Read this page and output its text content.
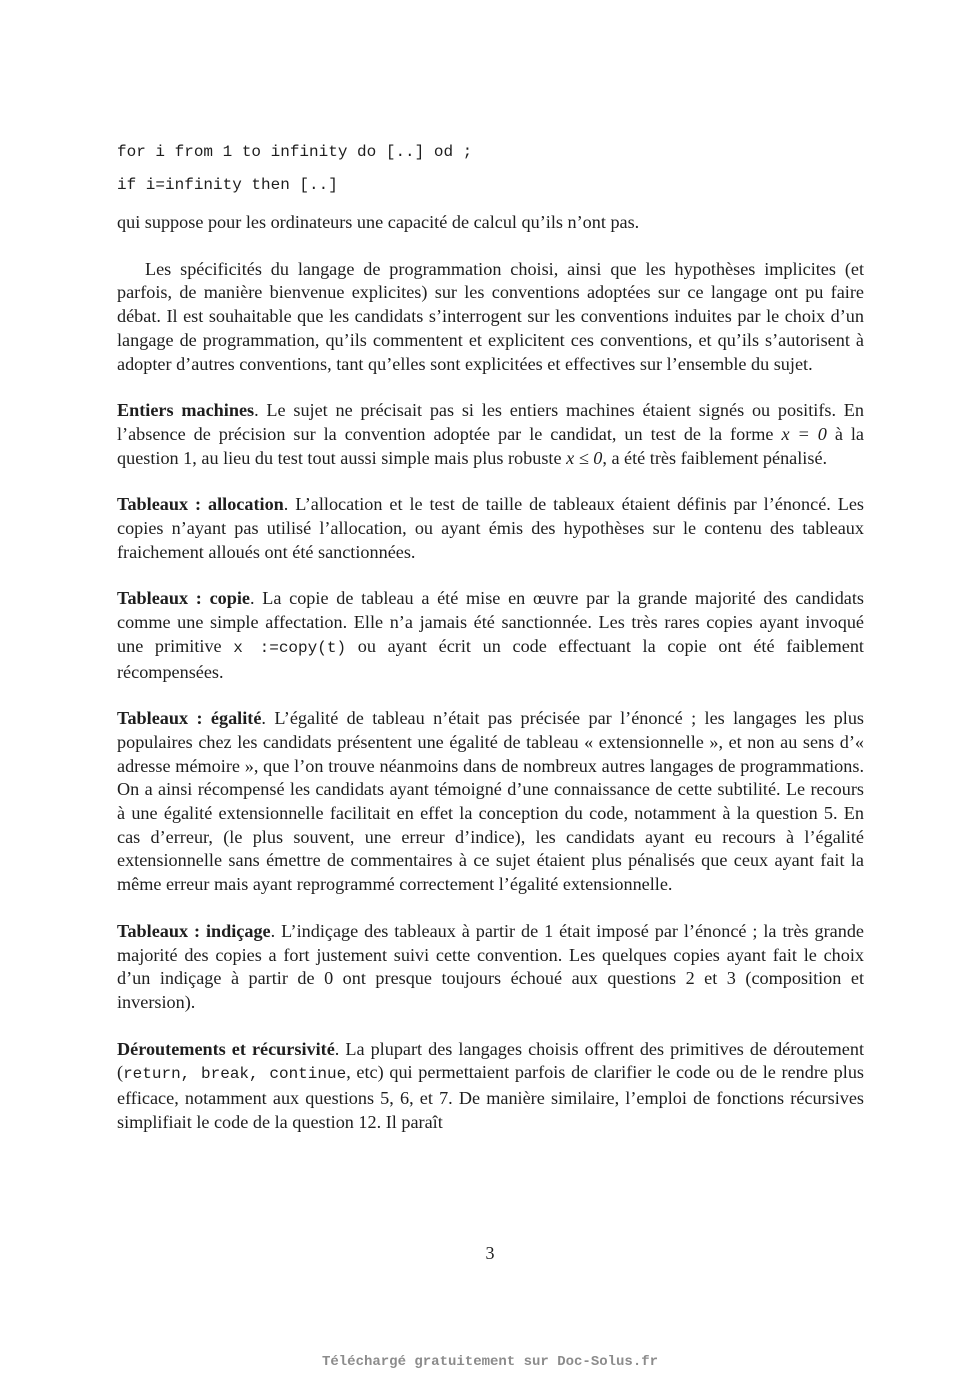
for i from 1 to infinity do [..] od ;

if i=infinity then [..]

qui suppose pour les ordinateurs une capacité de calcul qu’ils n’ont pas.

Les spécificités du langage de programmation choisi, ainsi que les hypothèses implicites (et parfois, de manière bienvenue explicites) sur les conventions adoptées sur ce langage ont pu faire débat. Il est souhaitable que les candidats s’interrogent sur les conventions induites par le choix d’un langage de programmation, qu’ils commentent et explicitent ces conventions, et qu’ils s’autorisent à adopter d’autres conventions, tant qu’elles sont explicitées et effectives sur l’ensemble du sujet.

Entiers machines. Le sujet ne précisait pas si les entiers machines étaient signés ou positifs. En l’absence de précision sur la convention adoptée par le candidat, un test de la forme x = 0 à la question 1, au lieu du test tout aussi simple mais plus robuste x ≤ 0, a été très faiblement pénalisé.

Tableaux : allocation. L’allocation et le test de taille de tableaux étaient définis par l’énoncé. Les copies n’ayant pas utilisé l’allocation, ou ayant émis des hypothèses sur le contenu des tableaux fraichement alloués ont été sanctionnées.

Tableaux : copie. La copie de tableau a été mise en œuvre par la grande majorité des candidats comme une simple affectation. Elle n’a jamais été sanctionnée. Les très rares copies ayant invoqué une primitive x :=copy(t) ou ayant écrit un code effectuant la copie ont été faiblement récompensées.

Tableaux : égalité. L’égalité de tableau n’était pas précisée par l’énoncé ; les langages les plus populaires chez les candidats présentent une égalité de tableau « extensionnelle », et non au sens d’« adresse mémoire », que l’on trouve néanmoins dans de nombreux autres langages de programmations. On a ainsi récompensé les candidats ayant témoigné d’une connaissance de cette subtilité. Le recours à une égalité extensionnelle facilitait en effet la conception du code, notamment à la question 5. En cas d’erreur, (le plus souvent, une erreur d’indice), les candidats ayant eu recours à l’égalité extensionnelle sans émettre de commentaires à ce sujet étaient plus pénalisés que ceux ayant fait la même erreur mais ayant reprogrammé correctement l’égalité extensionnelle.

Tableaux : indiçage. L’indiçage des tableaux à partir de 1 était imposé par l’énoncé ; la très grande majorité des copies a fort justement suivi cette convention. Les quelques copies ayant fait le choix d’un indiçage à partir de 0 ont presque toujours échoué aux questions 2 et 3 (composition et inversion).

Déroutements et récursivité. La plupart des langages choisis offrent des primitives de déroutement (return, break, continue, etc) qui permettaient parfois de clarifier le code ou de le rendre plus efficace, notamment aux questions 5, 6, et 7. De manière similaire, l’emploi de fonctions récursives simplifiait le code de la question 12. Il paraît

3
Téléchargé gratuitement sur Doc-Solus.fr
